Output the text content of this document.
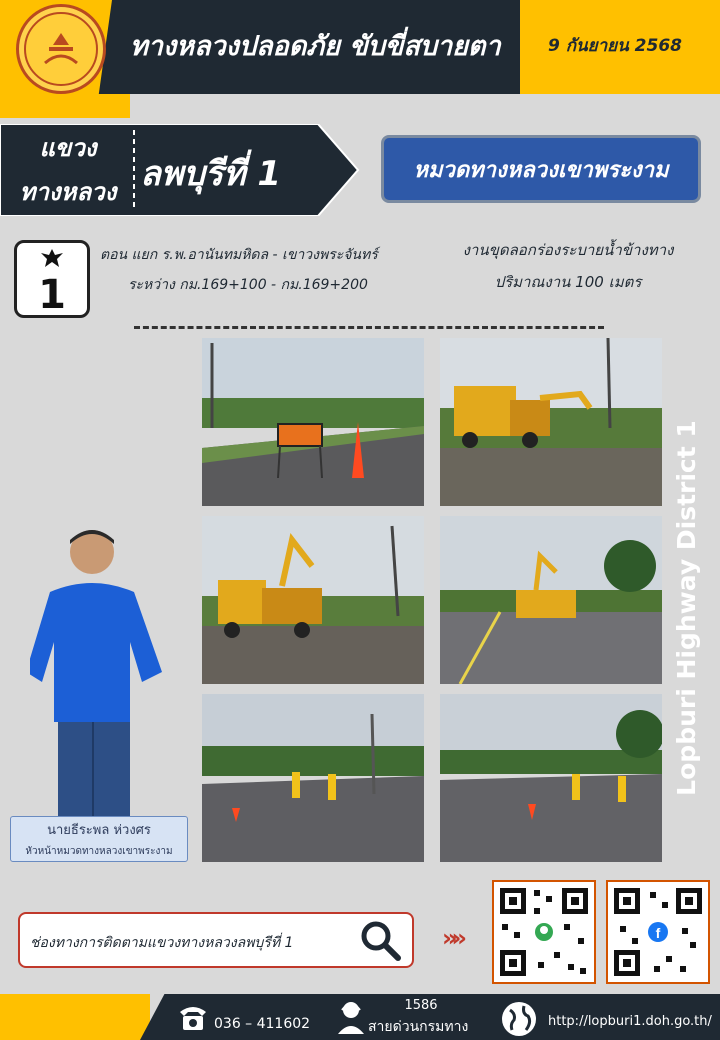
ทางหลวงปลอดภัย ขับขี่สบายตา	9 กันยายน 2568
แขวง
ทางหลวง ลพบุรีที่ 1	หมวดทางหลวงเขาพระงาม
1
ตอน แยก ร.พ.อานันทมหิดล - เขาวงพระจันทร์
ระหว่าง กม.169+100 - กม.169+200
งานขุดลอกร่องระบายน้ำข้างทาง
ปริมาณงาน 100 เมตร
นายธีระพล ห่วงศร
หัวหน้าหมวดทางหลวงเขาพระงาม
Lopburi Highway District 1
ช่องทางการติดตามแขวงทางหลวงลพบุรีที่ 1	»»	f
036 – 411602
1586
สายด่วนกรมทาง	http://lopburi1.doh.go.th/
